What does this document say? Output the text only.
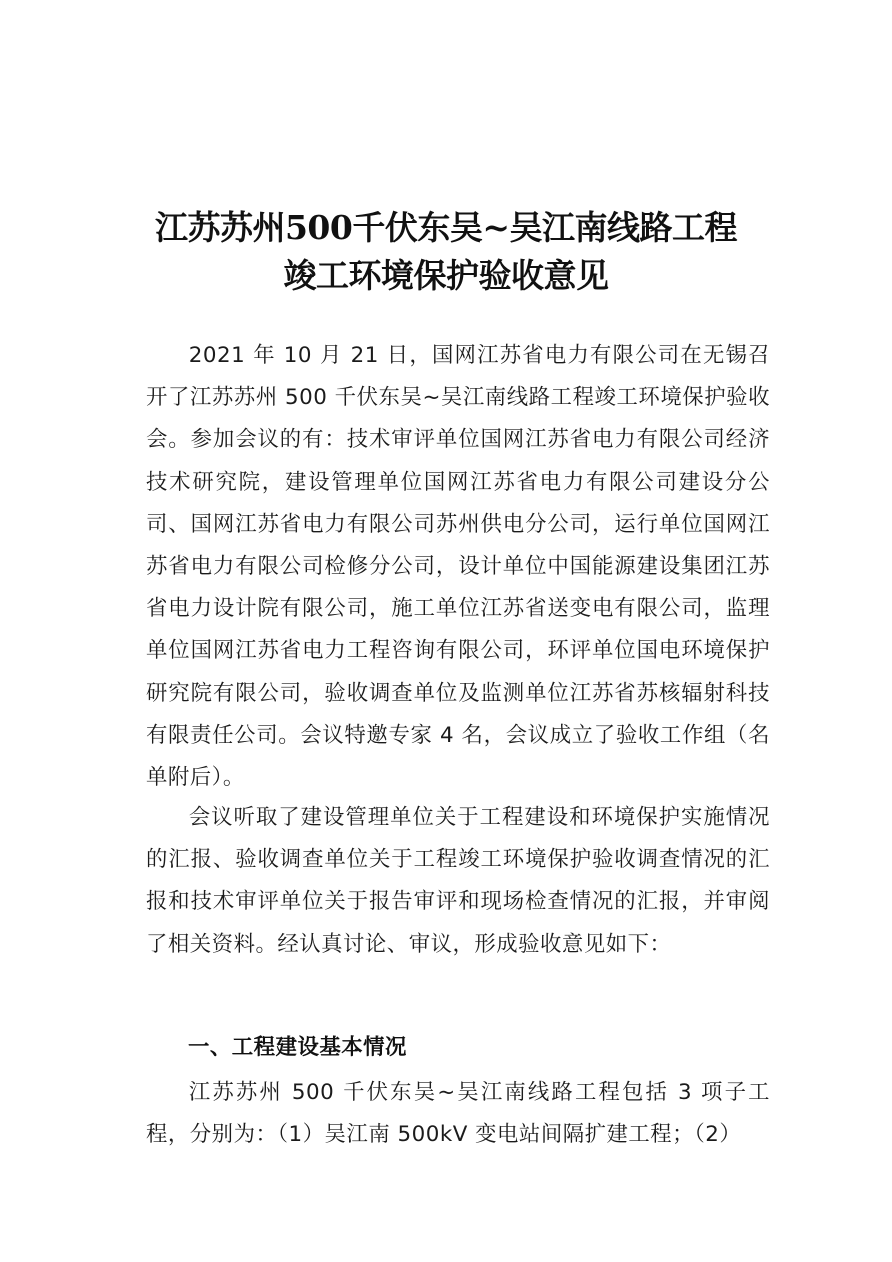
江苏苏州500千伏东吴~吴江南线路工程
竣工环境保护验收意见

2021 年 10 月 21 日，国网江苏省电力有限公司在无锡召开了江苏苏州 500 千伏东吴~吴江南线路工程竣工环境保护验收会。参加会议的有：技术审评单位国网江苏省电力有限公司经济技术研究院，建设管理单位国网江苏省电力有限公司建设分公司、国网江苏省电力有限公司苏州供电分公司，运行单位国网江苏省电力有限公司检修分公司，设计单位中国能源建设集团江苏省电力设计院有限公司，施工单位江苏省送变电有限公司，监理单位国网江苏省电力工程咨询有限公司，环评单位国电环境保护研究院有限公司，验收调查单位及监测单位江苏省苏核辐射科技有限责任公司。会议特邀专家 4 名，会议成立了验收工作组（名单附后）。

会议听取了建设管理单位关于工程建设和环境保护实施情况的汇报、验收调查单位关于工程竣工环境保护验收调查情况的汇报和技术审评单位关于报告审评和现场检查情况的汇报，并审阅了相关资料。经认真讨论、审议，形成验收意见如下：

一、工程建设基本情况

江苏苏州 500 千伏东吴~吴江南线路工程包括 3 项子工程，分别为：（1）吴江南 500kV 变电站间隔扩建工程；（2）
